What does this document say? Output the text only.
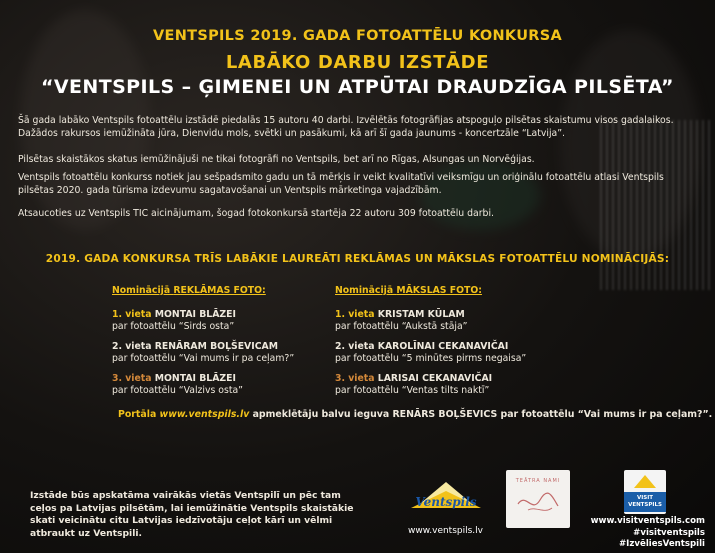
VENTSPILS 2019. GADA FOTOATTĒLU KONKURSA
LABĀKO DARBU IZSTĀDE
“VENTSPILS – ĢIMENEI UN ATPŪTAI DRAUDZĪGA PILSĒTA”
Šā gada labāko Ventspils fotoattēlu izstādē piedalās 15 autoru 40 darbi. Izvēlētās fotogrāfijas atspoguļo pilsētas skaistumu visos gadalaikos. Dažādos rakursos iemūžināta jūra, Dienvidu mols, svētki un pasākumi, kā arī šī gada jaunums - koncertzāle “Latvija”.
Pilsētas skaistākos skatus iemūžinājuši ne tikai fotogrāfi no Ventspils, bet arī no Rīgas, Alsungas un Norvēģijas.
Ventspils fotoattēlu konkurss notiek jau sešpadsmito gadu un tā mērķis ir veikt kvalitatīvi veiksmīgu un oriģinālu fotoattēlu atlasi Ventspils pilsētas 2020. gada tūrisma izdevumu sagatavošanai un Ventspils mārketinga vajadzībām.
Atsaucoties uz Ventspils TIC aicinājumam, šogad fotokonkursā startēja 22 autoru 309 fotoattēlu darbi.
2019. GADA KONKURSA TRĪS LABĀKIE LAUREĀTI REKLĀMAS UN MĀKSLAS FOTOATTĒLU NOMINĀCIJĀS:
Nominācijā REKLĀMAS FOTO:
1. vieta MONTAI BLĀZEI
par fotoattēlu “Sirds osta”
2. vieta RENĀRAM BOĻŠEVICAM
par fotoattēlu “Vai mums ir pa ceļam?”
3. vieta MONTAI BLĀZEI
par fotoattēlu “Valzivs osta”
Nominācijā MĀKSLAS FOTO:
1. vieta KRISTAM KŪLAM
par fotoattēlu “Aukstā stāja”
2. vieta KAROLĪNAI CEKANAVIČAI
par fotoattēlu “5 minūtes pirms negaisa”
3. vieta LARISAI CEKANAVIČAI
par fotoattēlu “Ventas tilts naktī”
Portāla www.ventspils.lv apmeklētāju balvu ieguva RENĀRS BOĻŠEVICS par fotoattēlu “Vai mums ir pa ceļam?”.
Izstāde būs apskatāma vairākās vietās Ventspilī un pēc tam ceļos pa Latvijas pilsētām, lai iemūžinātie Ventspils skaistākie skati veicinātu citu Latvijas iedzīvotāju ceļot kārī un vēlmi atbraukt uz Ventspili.
Ventspils
www.ventspils.lv
TEĀTRA NAMI
VISIT
VENTSPILS
www.visitventspils.com
#visitventspils #IzvēliesVentspili
